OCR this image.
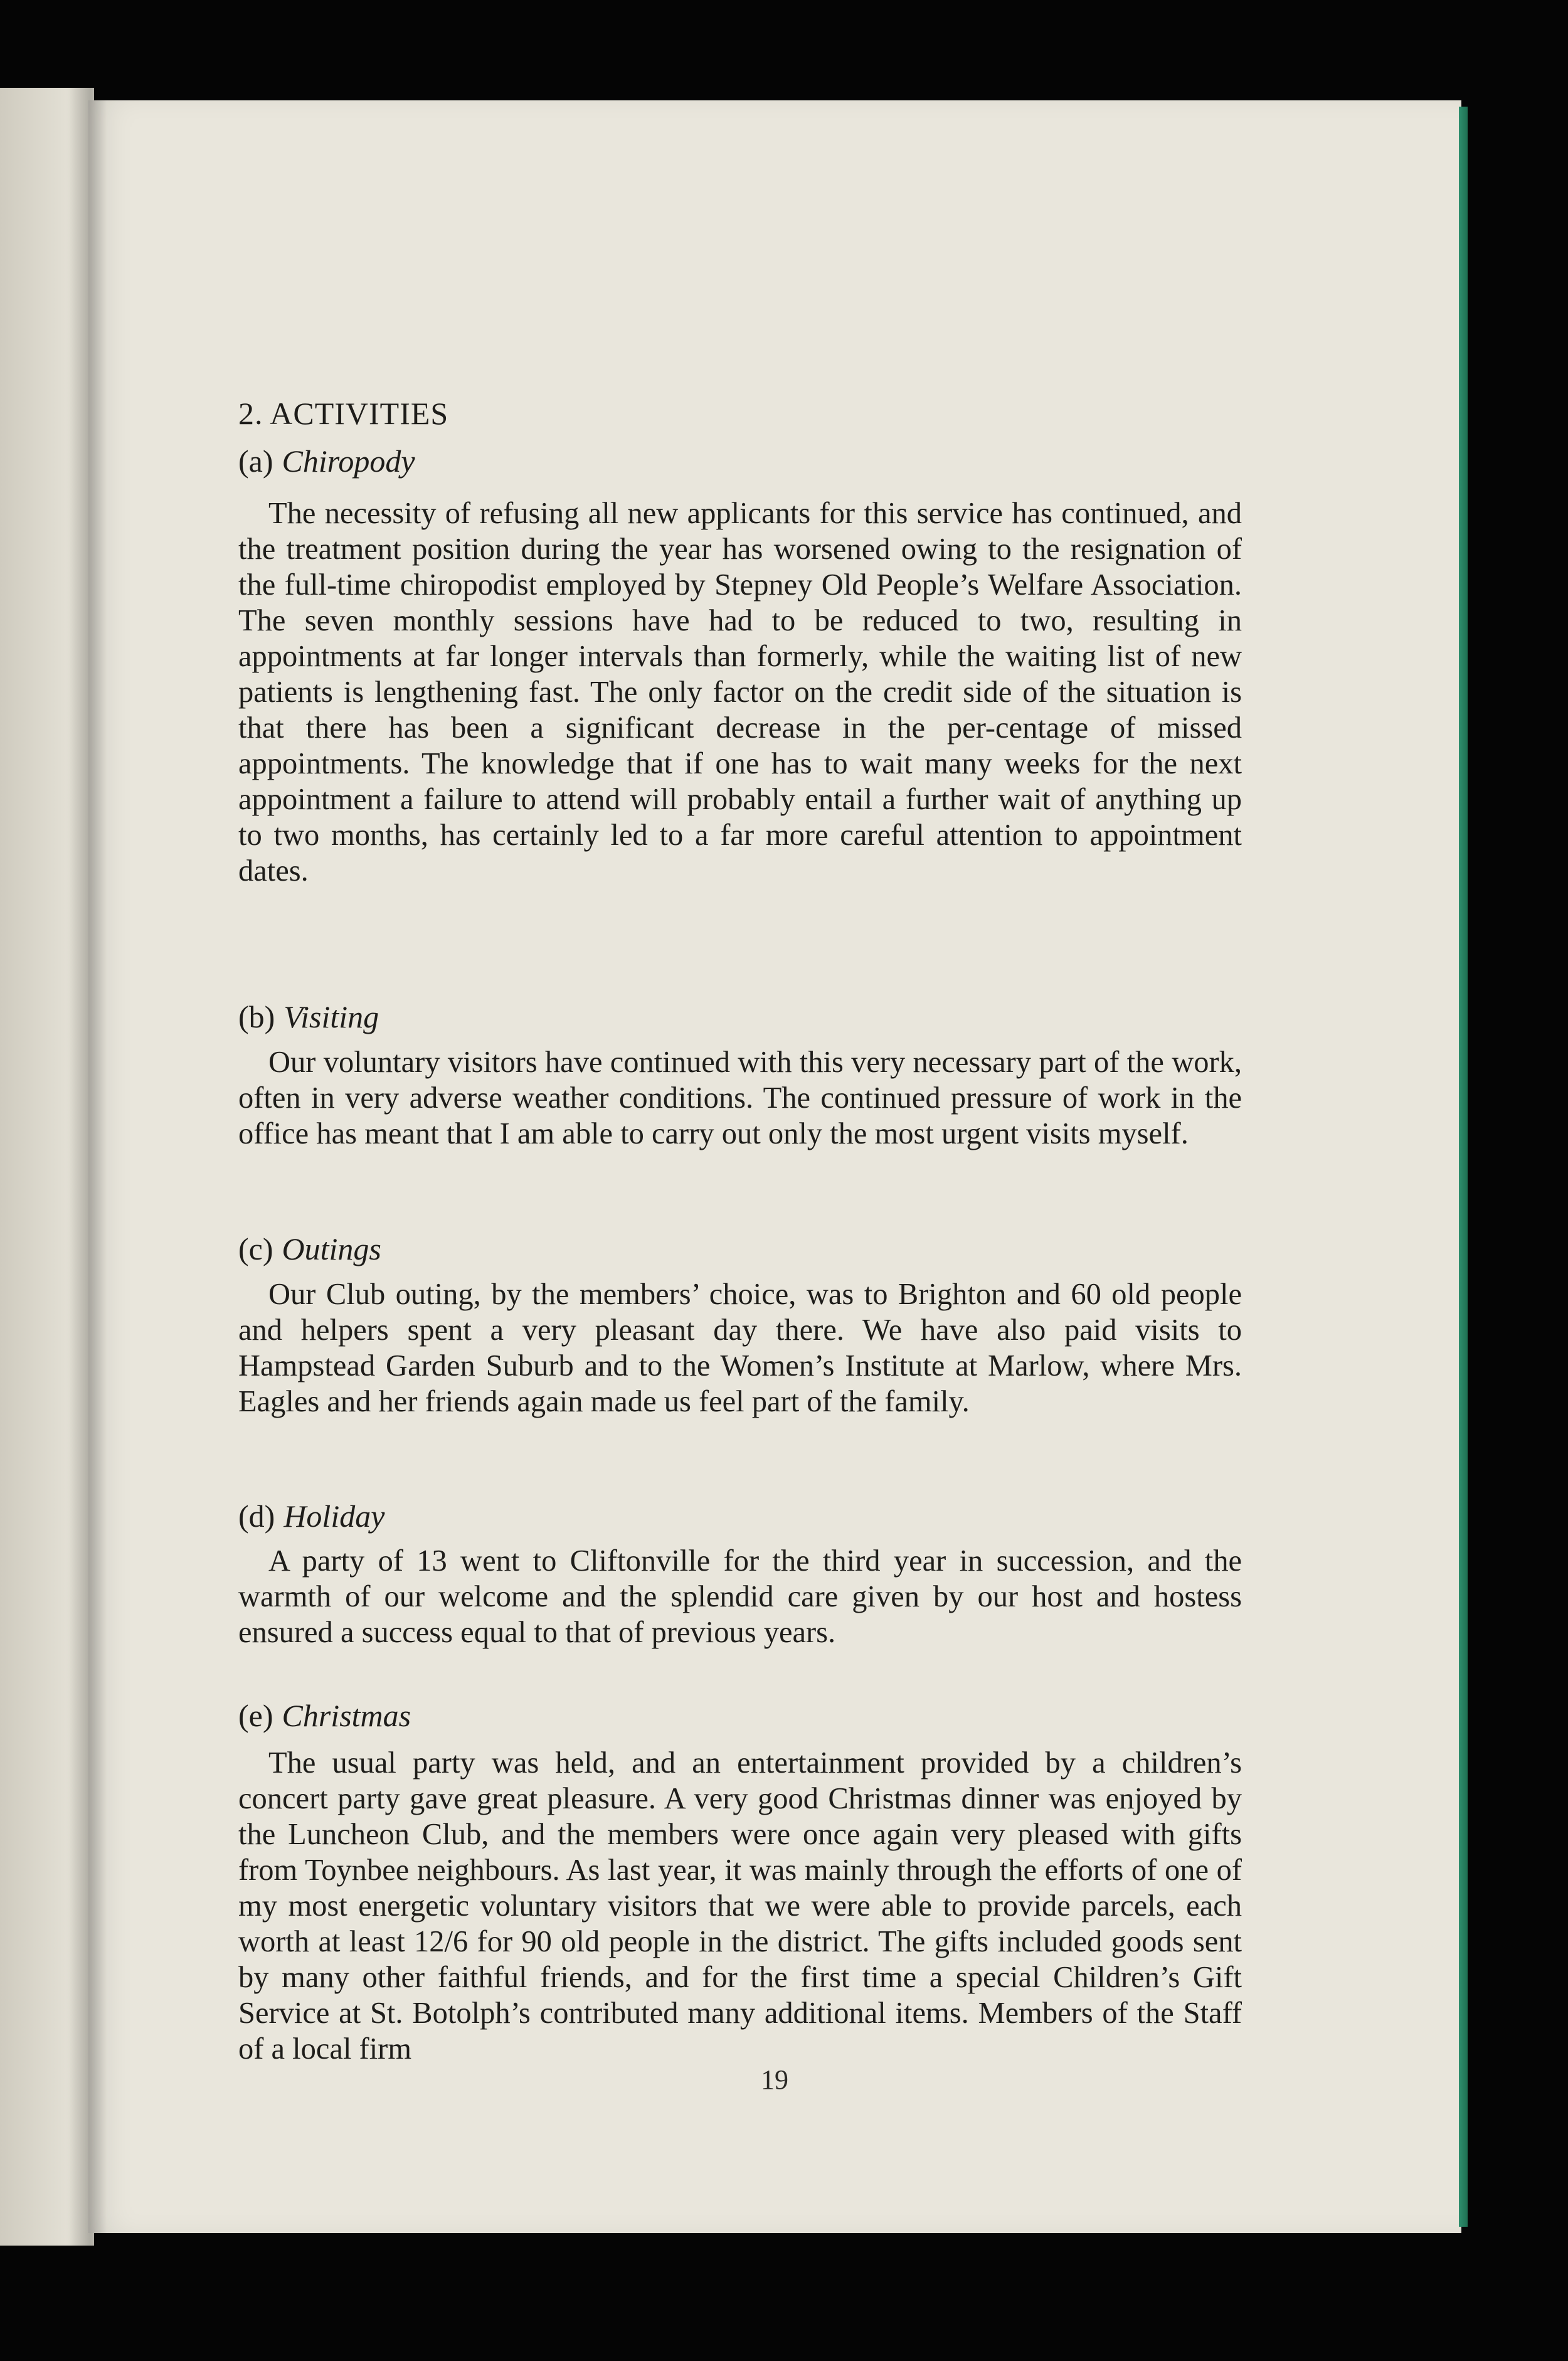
2. ACTIVITIES
(a) Chiropody
The necessity of refusing all new applicants for this service has continued, and the treatment position during the year has worsened owing to the resignation of the full-time chiropodist employed by Stepney Old People’s Welfare Association. The seven monthly sessions have had to be reduced to two, resulting in appointments at far longer intervals than formerly, while the waiting list of new patients is lengthening fast. The only factor on the credit side of the situation is that there has been a significant decrease in the per-centage of missed appointments. The knowledge that if one has to wait many weeks for the next appointment a failure to attend will probably entail a further wait of anything up to two months, has certainly led to a far more careful attention to appointment dates.
(b) Visiting
Our voluntary visitors have continued with this very necessary part of the work, often in very adverse weather conditions. The continued pressure of work in the office has meant that I am able to carry out only the most urgent visits myself.
(c) Outings
Our Club outing, by the members’ choice, was to Brighton and 60 old people and helpers spent a very pleasant day there. We have also paid visits to Hampstead Garden Suburb and to the Women’s Institute at Marlow, where Mrs. Eagles and her friends again made us feel part of the family.
(d) Holiday
A party of 13 went to Cliftonville for the third year in succession, and the warmth of our welcome and the splendid care given by our host and hostess ensured a success equal to that of previous years.
(e) Christmas
The usual party was held, and an entertainment provided by a children’s concert party gave great pleasure. A very good Christmas dinner was enjoyed by the Luncheon Club, and the members were once again very pleased with gifts from Toynbee neighbours. As last year, it was mainly through the efforts of one of my most energetic voluntary visitors that we were able to provide parcels, each worth at least 12/6 for 90 old people in the district. The gifts included goods sent by many other faithful friends, and for the first time a special Children’s Gift Service at St. Botolph’s contributed many additional items. Members of the Staff of a local firm
19
